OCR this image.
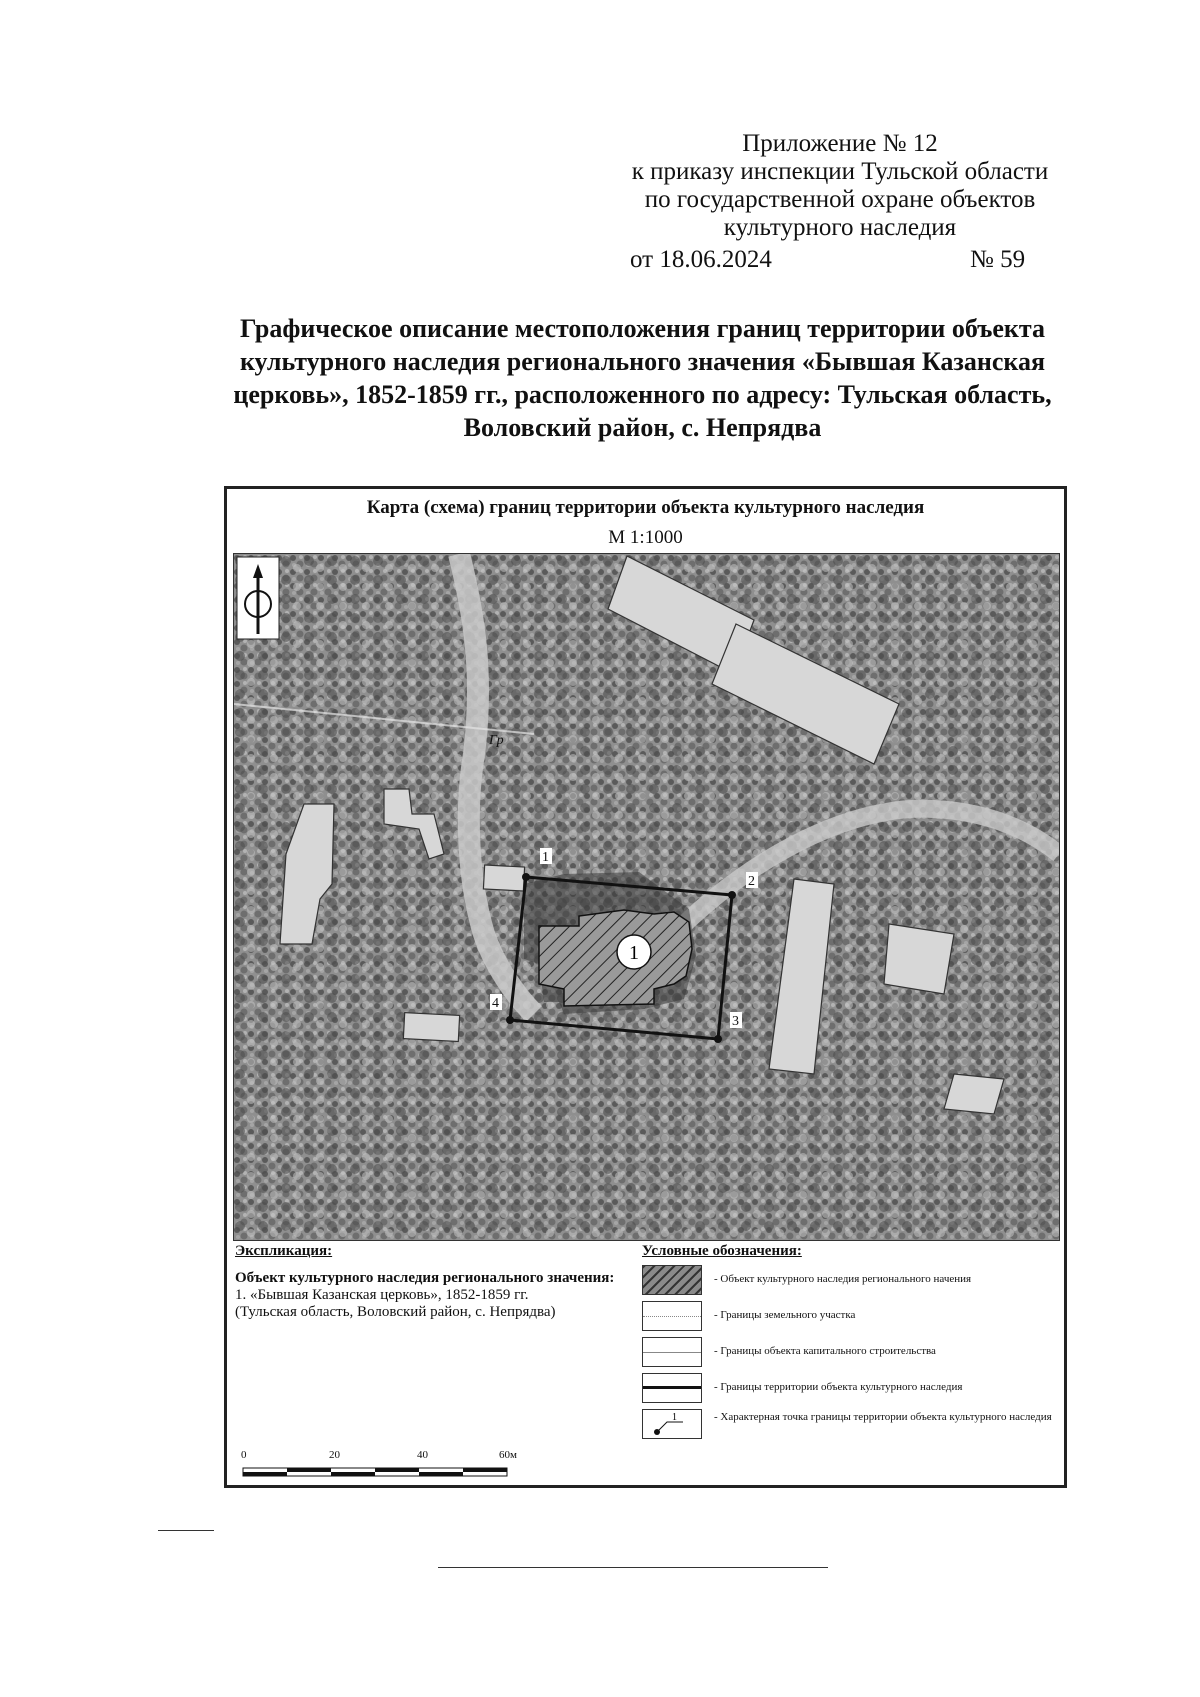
Приложение № 12
к приказу инспекции Тульской области
по государственной охране объектов
культурного наследия
от 18.06.2024	№ 59
Графическое описание местоположения границ территории объекта культурного наследия регионального значения «Бывшая Казанская церковь», 1852-1859 гг., расположенного по адресу: Тульская область, Воловский район, с. Непрядва
Карта (схема) границ территории объекта культурного наследия
М 1:1000
Гр
1
1
2
3
4
Экспликация:
Объект культурного наследия регионального значения:
1. «Бывшая Казанская церковь», 1852-1859 гг.
(Тульская область, Воловский район, с. Непрядва)
Условные обозначения:
- Объект культурного наследия регионального начения
- Границы земельного участка
- Границы объекта капитального строительства
- Границы территории объекта культурного наследия
1	- Характерная точка границы территории объекта культурного наследия
0	20	40	60м
